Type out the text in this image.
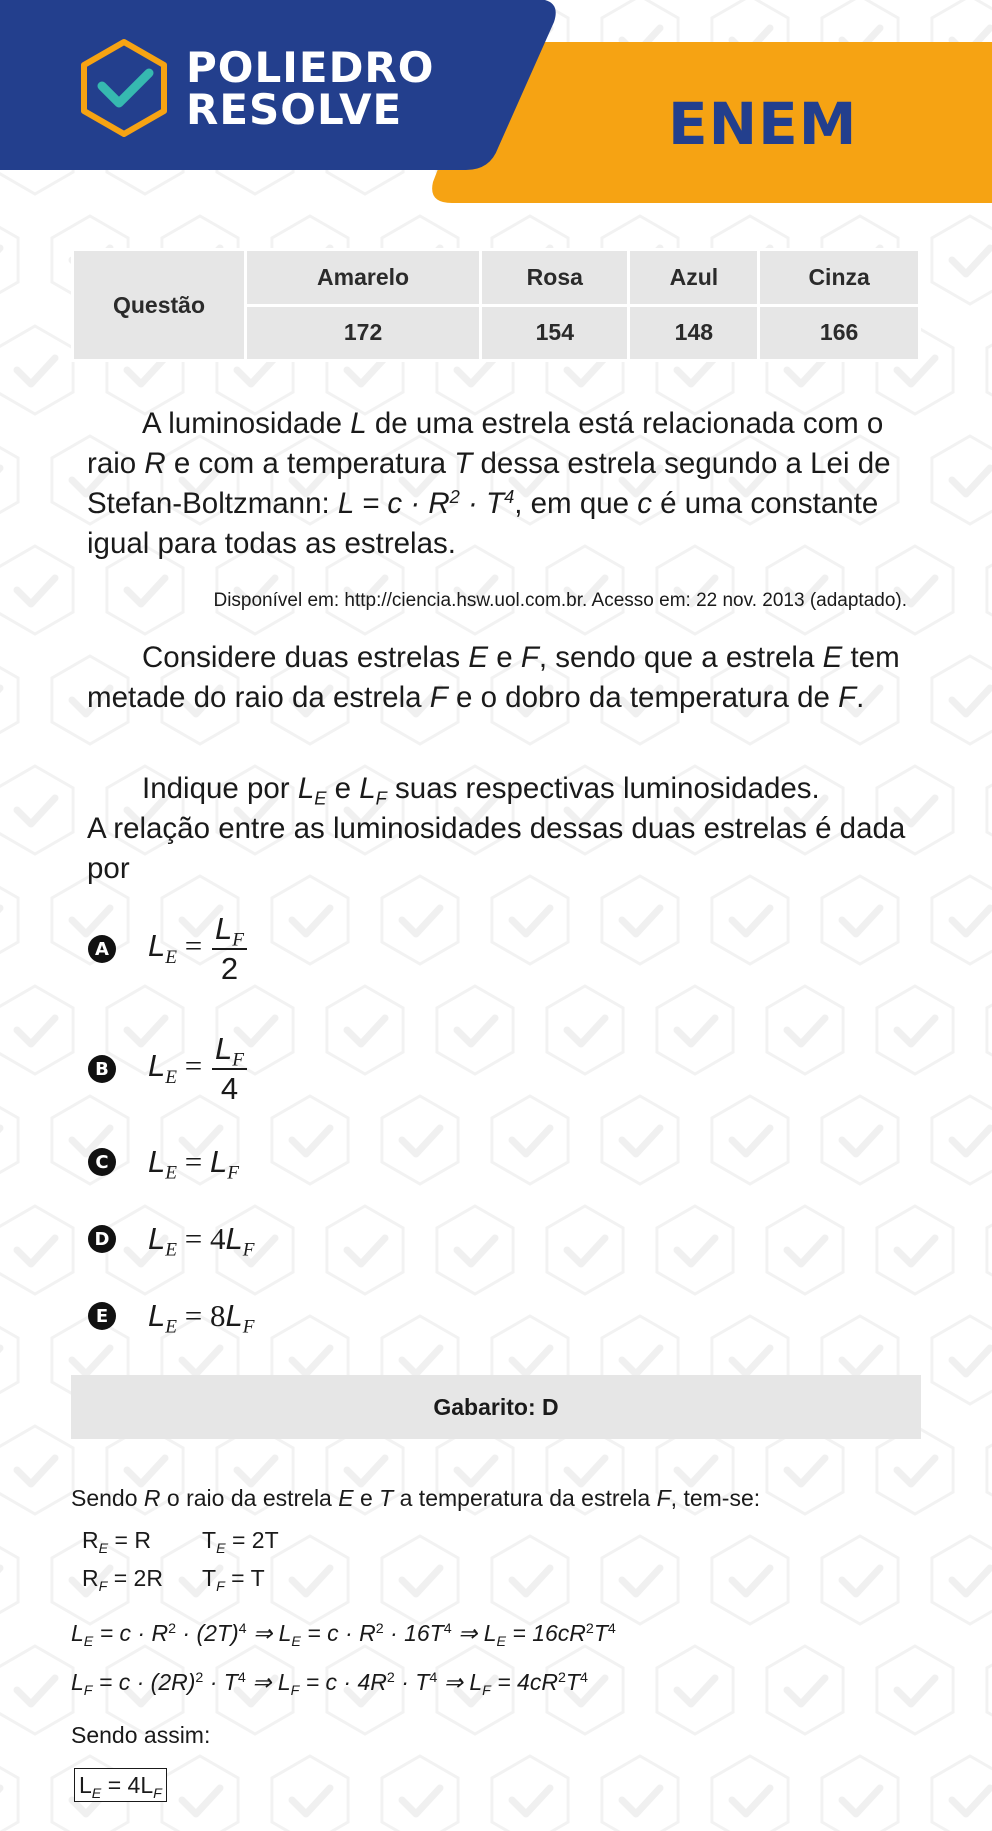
POLIEDRO
RESOLVE	ENEM
Questão	Amarelo	Rosa	Azul	Cinza
	172	154	148	166
A luminosidade L de uma estrela está relacionada com o raio R e com a temperatura T dessa estrela segundo a Lei de Stefan-Boltzmann: $L = c \cdot R^2 \cdot T^4$, em que c é uma constante igual para todas as estrelas.
Disponível em: http://ciencia.hsw.uol.com.br. Acesso em: 22 nov. 2013 (adaptado).
Considere duas estrelas E e F, sendo que a estrela E tem metade do raio da estrela F e o dobro da temperatura de F.
Indique por $L_E$ e $L_F$ suas respectivas luminosidades.
A relação entre as luminosidades dessas duas estrelas é dada por
A $L_E = \frac{L_F}{2}$
B $L_E = \frac{L_F}{4}$
C $L_E = L_F$
D $L_E = 4L_F$
E $L_E = 8L_F$
Gabarito: D
Sendo R o raio da estrela E e T a temperatura da estrela F, tem-se:
$R_E = R$ $T_E = 2T$
$R_F = 2R$ $T_F = T$
$L_E = c \cdot R^2 \cdot (2T)^4$ ⇒ $L_E = c \cdot R^2 \cdot 16T^4$ ⇒ $L_E = 16cR^2T^4$
$L_F = c \cdot (2R)^2 \cdot T^4$ ⇒ $L_F = c \cdot 4R^2 \cdot T^4$ ⇒ $L_F = 4cR^2T^4$
Sendo assim:
$L_E = 4L_F$
